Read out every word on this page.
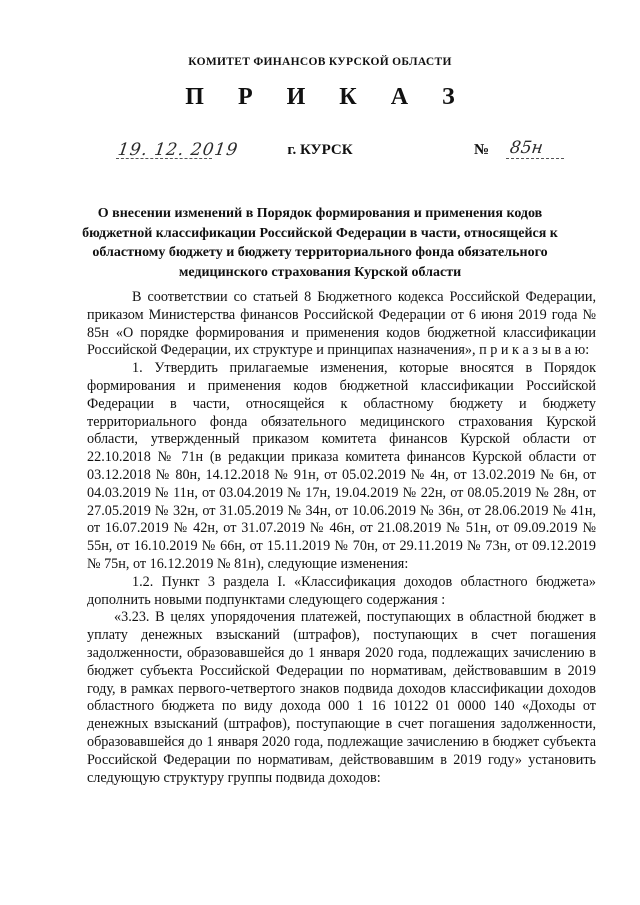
КОМИТЕТ ФИНАНСОВ КУРСКОЙ ОБЛАСТИ
П Р И К А З
19. 12. 2019	г. КУРСК	№ 85н
О внесении изменений в Порядок формирования и применения кодов бюджетной классификации Российской Федерации в части, относящейся к областному бюджету и бюджету территориального фонда обязательного медицинского страхования Курской области

В соответствии со статьей 8 Бюджетного кодекса Российской Федерации, приказом Министерства финансов Российской Федерации от 6 июня 2019 года № 85н «О порядке формирования и применения кодов бюджетной классификации Российской Федерации, их структуре и принципах назначения», п р и к а з ы в а ю:

1. Утвердить прилагаемые изменения, которые вносятся в Порядок формирования и применения кодов бюджетной классификации Российской Федерации в части, относящейся к областному бюджету и бюджету территориального фонда обязательного медицинского страхования Курской области, утвержденный приказом комитета финансов Курской области от 22.10.2018 № 71н (в редакции приказа комитета финансов Курской области от 03.12.2018 № 80н, 14.12.2018 № 91н, от 05.02.2019 № 4н, от 13.02.2019 № 6н, от 04.03.2019 № 11н, от 03.04.2019 № 17н, 19.04.2019 № 22н, от 08.05.2019 № 28н, от 27.05.2019 № 32н, от 31.05.2019 № 34н, от 10.06.2019 № 36н, от 28.06.2019 № 41н, от 16.07.2019 № 42н, от 31.07.2019 № 46н, от 21.08.2019 № 51н, от 09.09.2019 № 55н, от 16.10.2019 № 66н, от 15.11.2019 № 70н, от 29.11.2019 № 73н, от 09.12.2019 № 75н, от 16.12.2019 № 81н), следующие изменения:

1.2. Пункт 3 раздела I. «Классификация доходов областного бюджета» дополнить новыми подпунктами следующего содержания :

«3.23. В целях упорядочения платежей, поступающих в областной бюджет в уплату денежных взысканий (штрафов), поступающих в счет погашения задолженности, образовавшейся до 1 января 2020 года, подлежащих зачислению в бюджет субъекта Российской Федерации по нормативам, действовавшим в 2019 году, в рамках первого-четвертого знаков подвида доходов классификации доходов областного бюджета по виду дохода 000 1 16 10122 01 0000 140 «Доходы от денежных взысканий (штрафов), поступающие в счет погашения задолженности, образовавшейся до 1 января 2020 года, подлежащие зачислению в бюджет субъекта Российской Федерации по нормативам, действовавшим в 2019 году» установить следующую структуру группы подвида доходов:
